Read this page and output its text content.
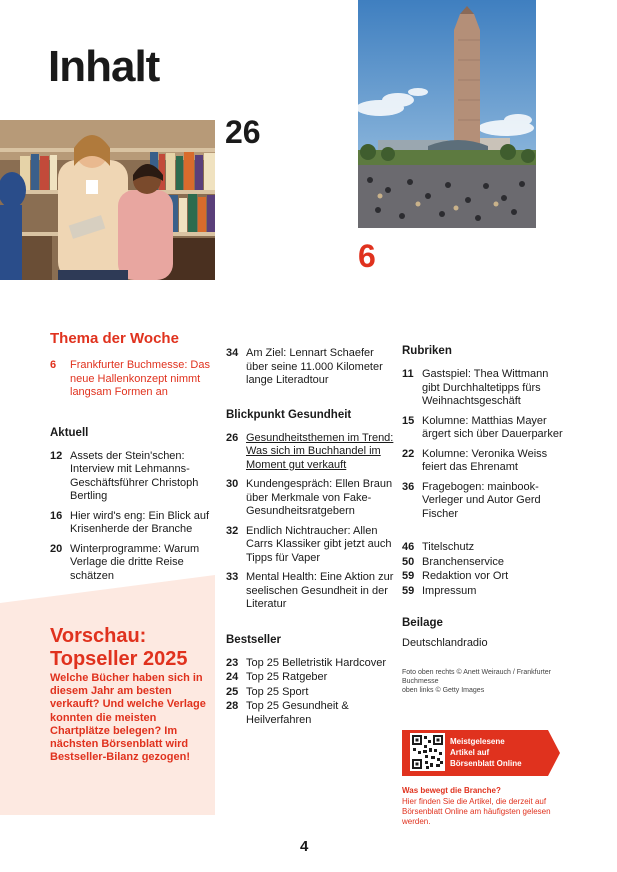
Inhalt
26
6
Thema der Woche
6	Frankfurter Buchmesse: Das neue Hallenkonzept nimmt langsam Formen an
Aktuell
12 Assets der Stein'schen: Interview mit Lehmanns-Geschäftsführer Christoph Bertling
16 Hier wird's eng: Ein Blick auf Krisenherde der Branche
20 Winterprogramme: Warum Verlage die dritte Reise schätzen
Vorschau: Topseller 2025
Welche Bücher haben sich in diesem Jahr am besten verkauft? Und welche Verlage konnten die meisten Chartplätze belegen? Im nächsten Börsenblatt wird Bestseller-Bilanz gezogen!
34 Am Ziel: Lennart Schaefer über seine 11.000 Kilometer lange Literadtour
Blickpunkt Gesundheit
26 Gesundheitsthemen im Trend: Was sich im Buchhandel im Moment gut verkauft
30 Kundengespräch: Ellen Braun über Merkmale von Fake-Gesundheitsratgebern
32 Endlich Nichtraucher: Allen Carrs Klassiker gibt jetzt auch Tipps für Vaper
33 Mental Health: Eine Aktion zur seelischen Gesundheit in der Literatur
Bestseller
23 Top 25 Belletristik Hardcover
24 Top 25 Ratgeber
25 Top 25 Sport
28 Top 25 Gesundheit & Heilverfahren
Rubriken
11 Gastspiel: Thea Wittmann gibt Durchhaltetipps fürs Weihnachtsgeschäft
15 Kolumne: Matthias Mayer ärgert sich über Dauerparker
22 Kolumne: Veronika Weiss feiert das Ehrenamt
36 Fragebogen: mainbook-Verleger und Autor Gerd Fischer
46 Titelschutz
50 Branchenservice
59 Redaktion vor Ort
59 Impressum
Beilage
Deutschlandradio
Foto oben rechts © Anett Weirauch / Frankfurter Buchmesse
oben links © Getty Images
Meistgelesene
Artikel auf
Börsenblatt Online
Was bewegt die Branche?
Hier finden Sie die Artikel, die derzeit auf Börsenblatt Online am häufigsten gelesen werden.
4
